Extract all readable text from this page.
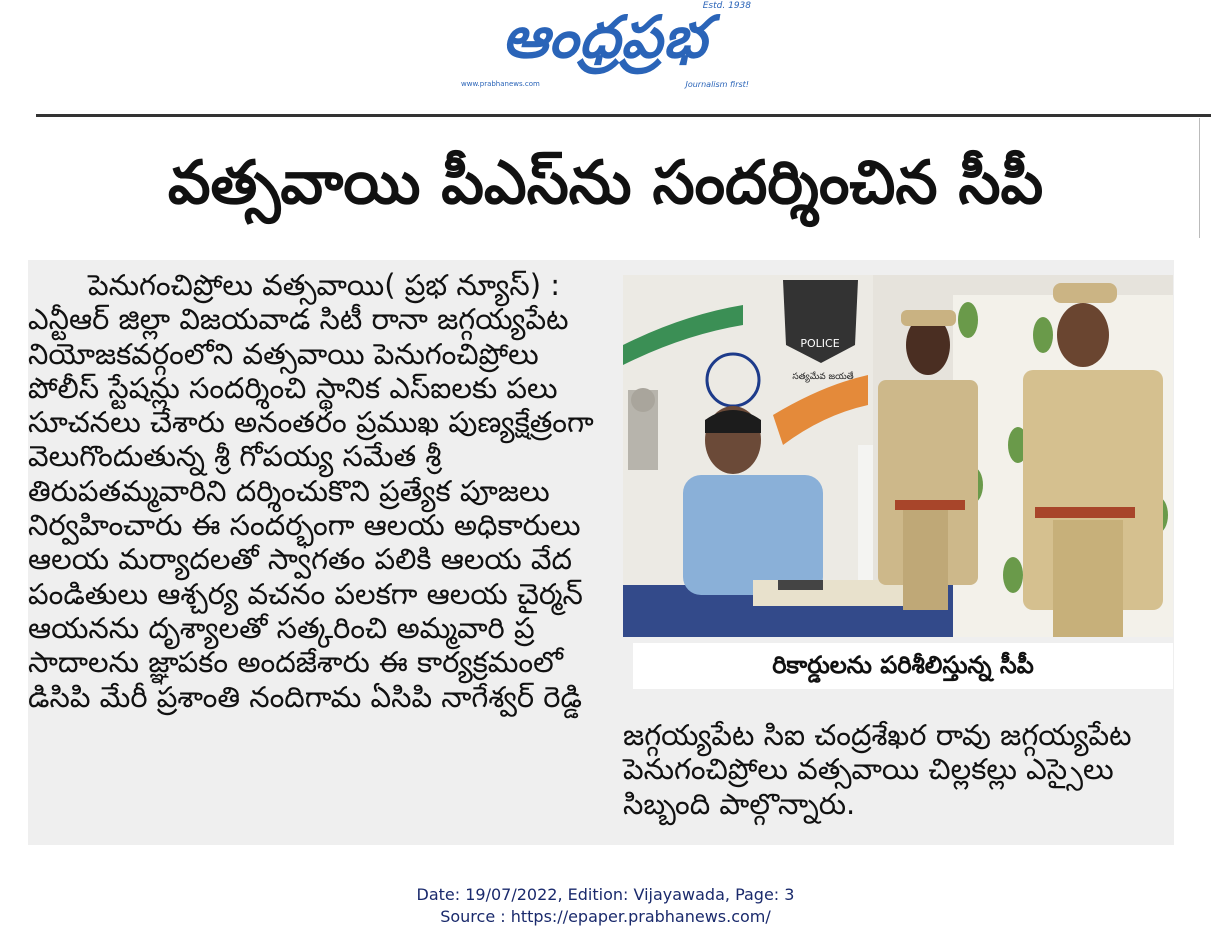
ఆంధ్రప్రభ
Estd. 1938
www.prabhanews.com	Journalism first!
వత్సవాయి పీఎస్‌ను సందర్శించిన సీపీ

పెనుగంచిప్రోలు వత్సవాయి( ప్రభ న్యూస్) :

ఎన్టీఆర్ జిల్లా విజయవాడ సిటీ రానా జగ్గయ్యపేట

నియోజకవర్గంలోని వత్సవాయి పెనుగంచిప్రోలు

పోలీస్ స్టేషన్లు సందర్శించి స్థానిక ఎస్ఐలకు పలు

సూచనలు చేశారు అనంతరం ప్రముఖ పుణ్యక్షేత్రంగా

వెలుగొందుతున్న శ్రీ గోపయ్య సమేత శ్రీ

తిరుపతమ్మవారిని దర్శించుకొని ప్రత్యేక పూజలు

నిర్వహించారు ఈ సందర్భంగా ఆలయ అధికారులు

ఆలయ మర్యాదలతో స్వాగతం పలికి ఆలయ వేద

పండితులు ఆశ్చర్య వచనం పలకగా ఆలయ చైర్మన్

ఆయనను దృశ్యాలతో సత్కరించి అమ్మవారి ప్ర

సాదాలను జ్ఞాపకం అందజేశారు ఈ కార్యక్రమంలో

డిసిపి మేరీ ప్రశాంతి నందిగామ ఏసిపి నాగేశ్వర్ రెడ్డి

POLICE
సత్యమేవ జయతే
రికార్డులను పరిశీలిస్తున్న సీపీ

జగ్గయ్యపేట సిఐ చంద్రశేఖర రావు జగ్గయ్యపేట

పెనుగంచిప్రోలు వత్సవాయి చిల్లకల్లు ఎస్సైలు

సిబ్బంది పాల్గొన్నారు.

Date: 19/07/2022, Edition: Vijayawada, Page: 3
Source : https://epaper.prabhanews.com/
